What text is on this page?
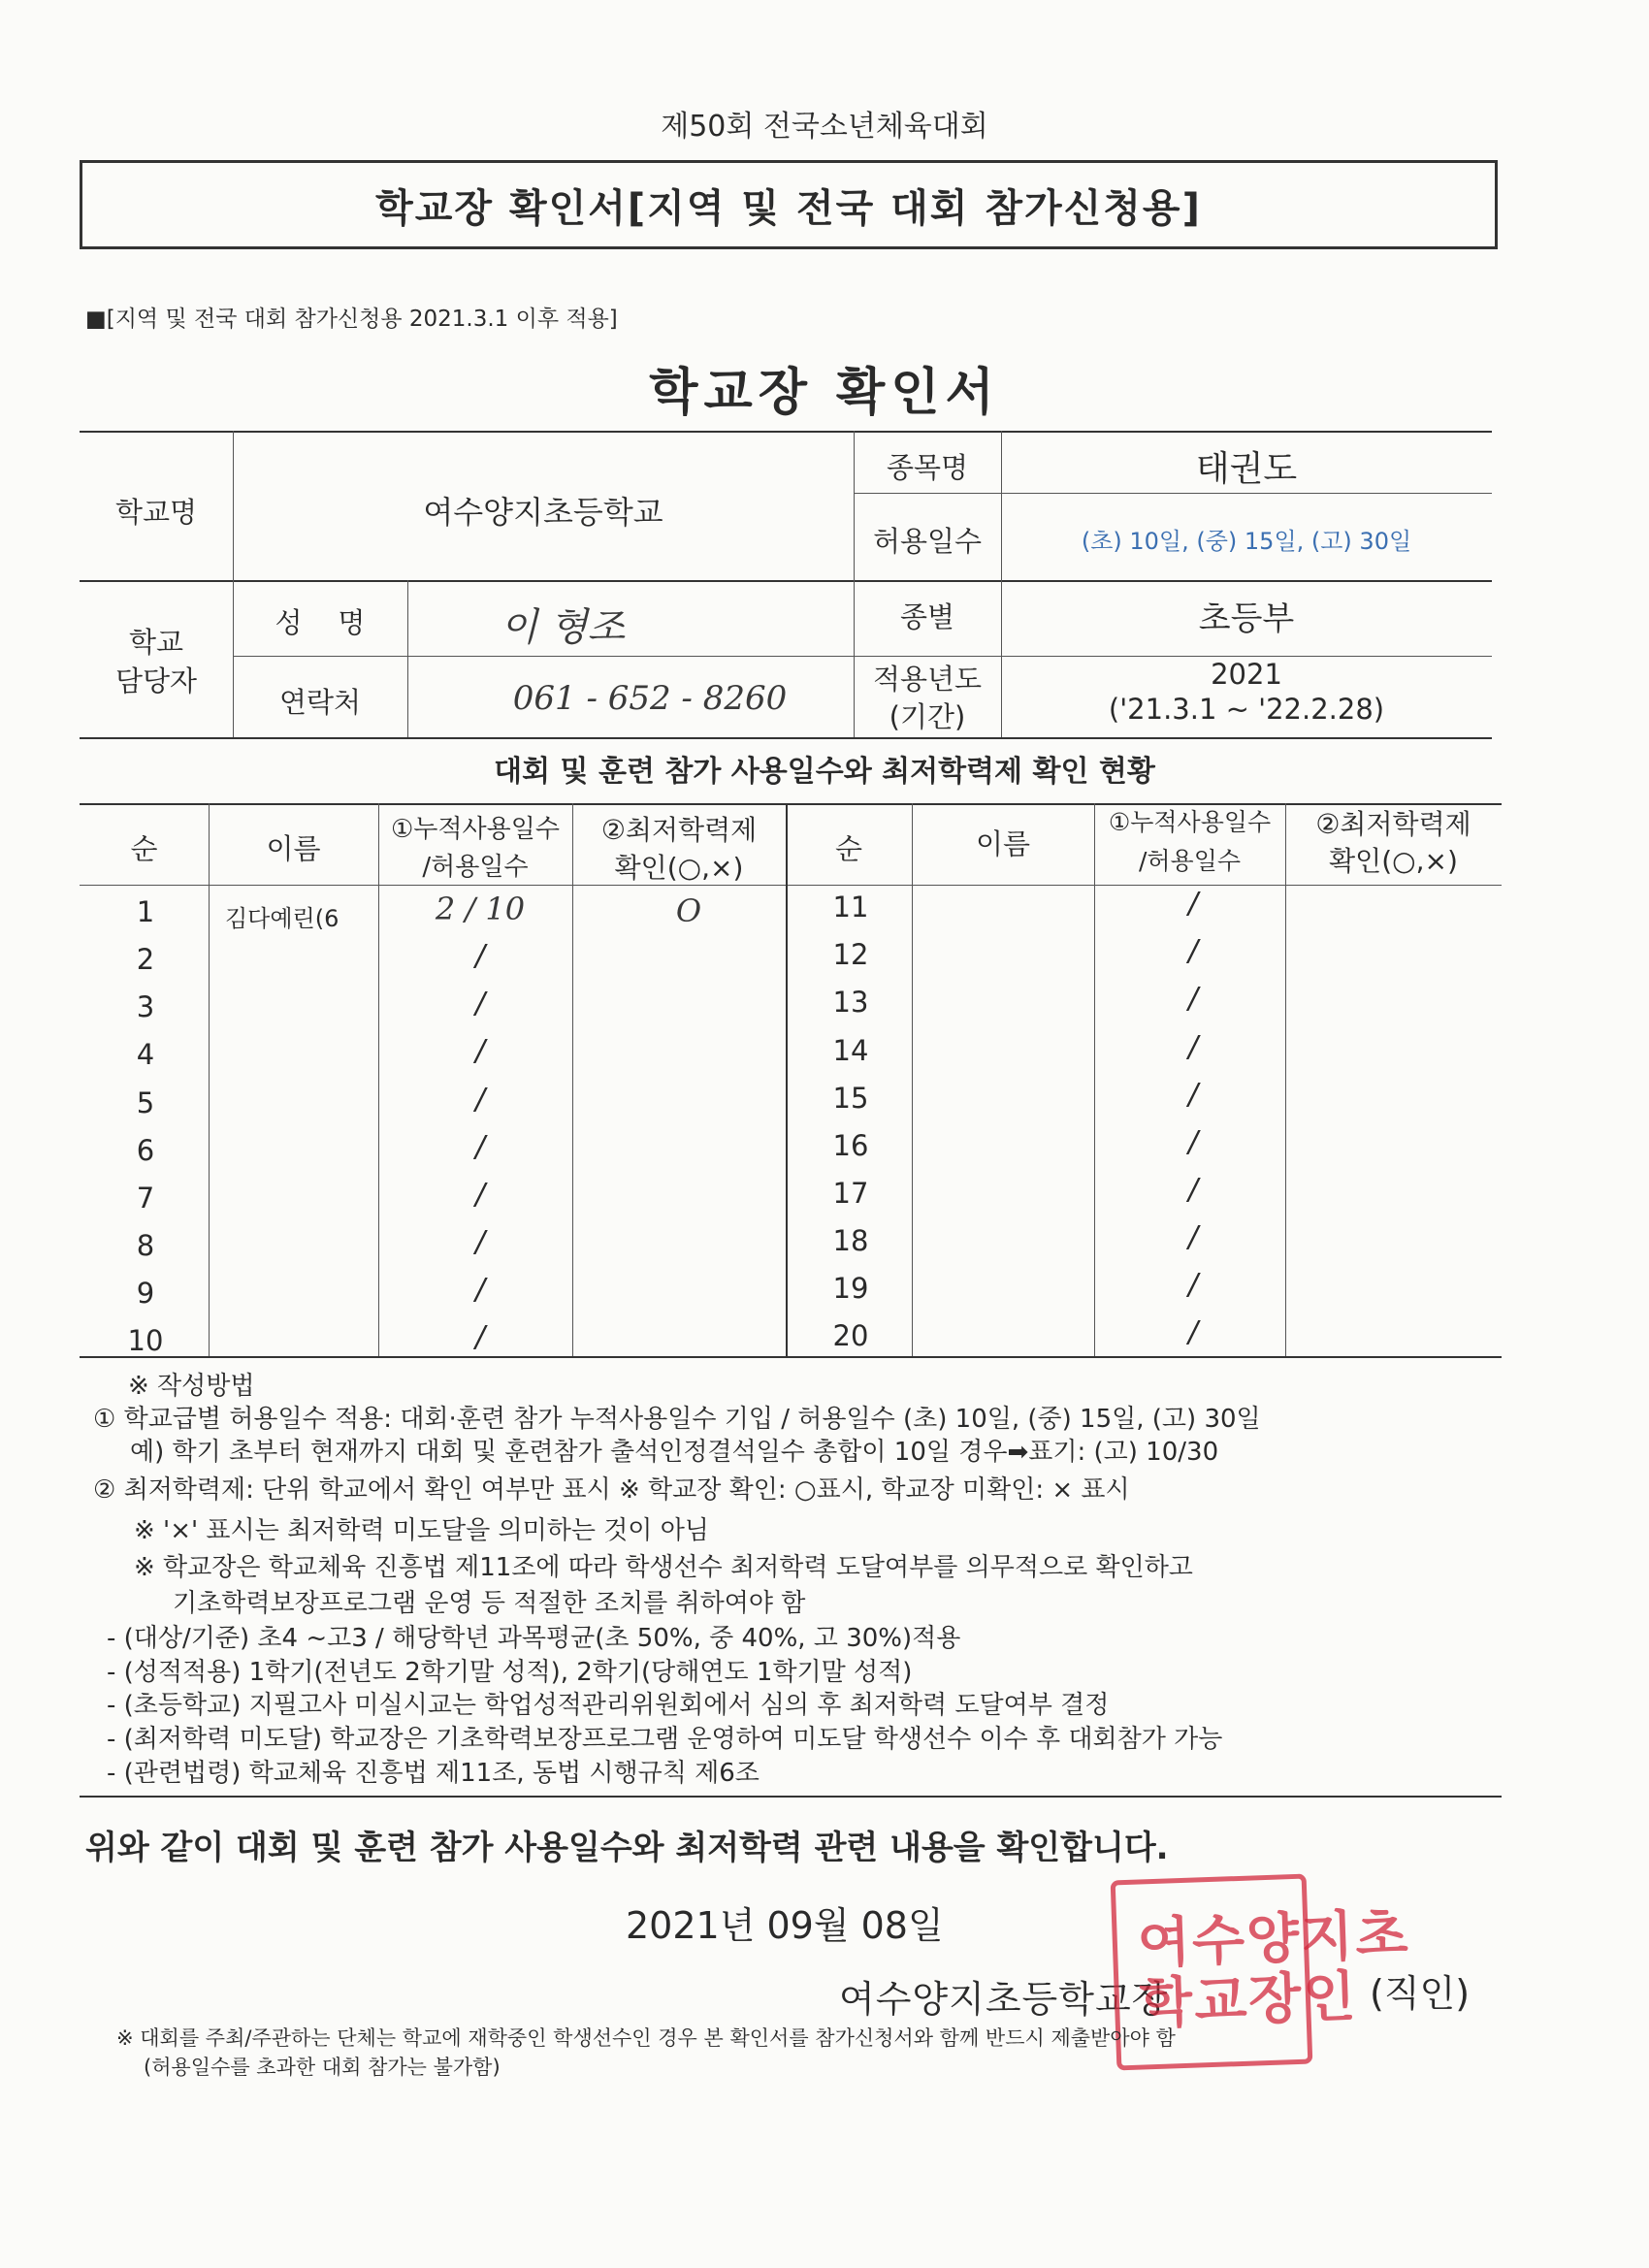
제50회 전국소년체육대회
학교장 확인서[지역 및 전국 대회 참가신청용]
■[지역 및 전국 대회 참가신청용 2021.3.1 이후 적용]
학교장 확인서
학교명	여수양지초등학교
종목명	태권도
허용일수	(초) 10일, (중) 15일, (고) 30일
학교
담당자
성    명	이 형조
연락처	061 - 652 - 8260
종별	초등부
적용년도
(기간)
2021
('21.3.1 ~ '22.2.28)
대회 및 훈련 참가 사용일수와 최저학력제 확인 현황
순	이름
①누적사용일수
/허용일수
②최저학력제
확인(○,×)
순	이름
①누적사용일수
/허용일수
②최저학력제
확인(○,×)
1	김다예린(6	2 / 10	O
2	/
3	/
4	/
5	/
6	/
7	/
8	/
9	/
10	/
11	/
12	/
13	/
14	/
15	/
16	/
17	/
18	/
19	/
20	/
※ 작성방법
① 학교급별 허용일수 적용: 대회·훈련 참가 누적사용일수 기입 / 허용일수 (초) 10일, (중) 15일, (고) 30일
예) 학기 초부터 현재까지 대회 및 훈련참가 출석인정결석일수 총합이 10일 경우➡표기: (고) 10/30
② 최저학력제: 단위 학교에서 확인 여부만 표시 ※ 학교장 확인: ○표시, 학교장 미확인: × 표시
※ '×' 표시는 최저학력 미도달을 의미하는 것이 아님
※ 학교장은 학교체육 진흥법 제11조에 따라 학생선수 최저학력 도달여부를 의무적으로 확인하고
기초학력보장프로그램 운영 등 적절한 조치를 취하여야 함
- (대상/기준) 초4 ~고3 / 해당학년 과목평균(초 50%, 중 40%, 고 30%)적용
- (성적적용) 1학기(전년도 2학기말 성적), 2학기(당해연도 1학기말 성적)
- (초등학교) 지필고사 미실시교는 학업성적관리위원회에서 심의 후 최저학력 도달여부 결정
- (최저학력 미도달) 학교장은 기초학력보장프로그램 운영하여 미도달 학생선수 이수 후 대회참가 가능
- (관련법령) 학교체육 진흥법 제11조, 동법 시행규칙 제6조
위와 같이 대회 및 훈련 참가 사용일수와 최저학력 관련 내용을 확인합니다.
2021년 09월 08일
여수양지초등학교장	(직인)
여수양지초 학교장인
※ 대회를 주최/주관하는 단체는 학교에 재학중인 학생선수인 경우 본 확인서를 참가신청서와 함께 반드시 제출받아야 함
(허용일수를 초과한 대회 참가는 불가함)
